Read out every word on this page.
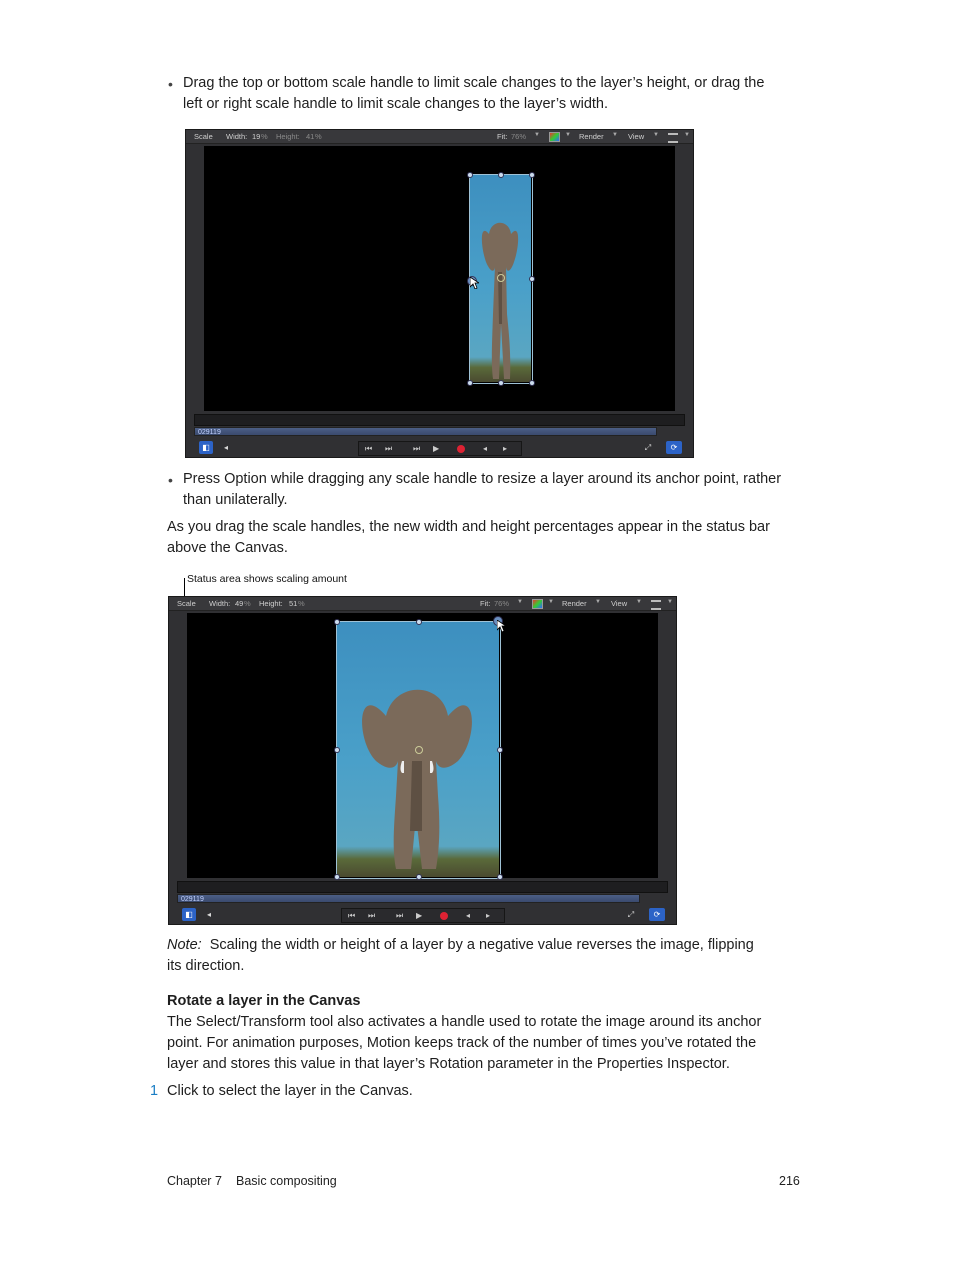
• Drag the top or bottom scale handle to limit scale changes to the layer’s height, or drag the
left or right scale handle to limit scale changes to the layer’s width.
Scale Width: 19 % Height: 41 %	Fit: 76% ▼	▼ Render ▼ View ▼	▼
029119
◧	◂	⏮ ⏭	⏭ ▶	◂ ▸	⤢	⟳
• Press Option while dragging any scale handle to resize a layer around its anchor point, rather
than unilaterally.
As you drag the scale handles, the new width and height percentages appear in the status bar
above the Canvas.
Status area shows scaling amount
Scale Width: 49 % Height: 51 %	Fit: 76% ▼	▼ Render ▼ View ▼	▼
029119
◧	◂	⏮ ⏭	⏭ ▶	◂ ▸	⤢	⟳
Note: Scaling the width or height of a layer by a negative value reverses the image, flipping
its direction.
Rotate a layer in the Canvas
The Select/Transform tool also activates a handle used to rotate the image around its anchor
point. For animation purposes, Motion keeps track of the number of times you’ve rotated the
layer and stores this value in that layer’s Rotation parameter in the Properties Inspector.
1 Click to select the layer in the Canvas.
Chapter 7 Basic compositing	216
